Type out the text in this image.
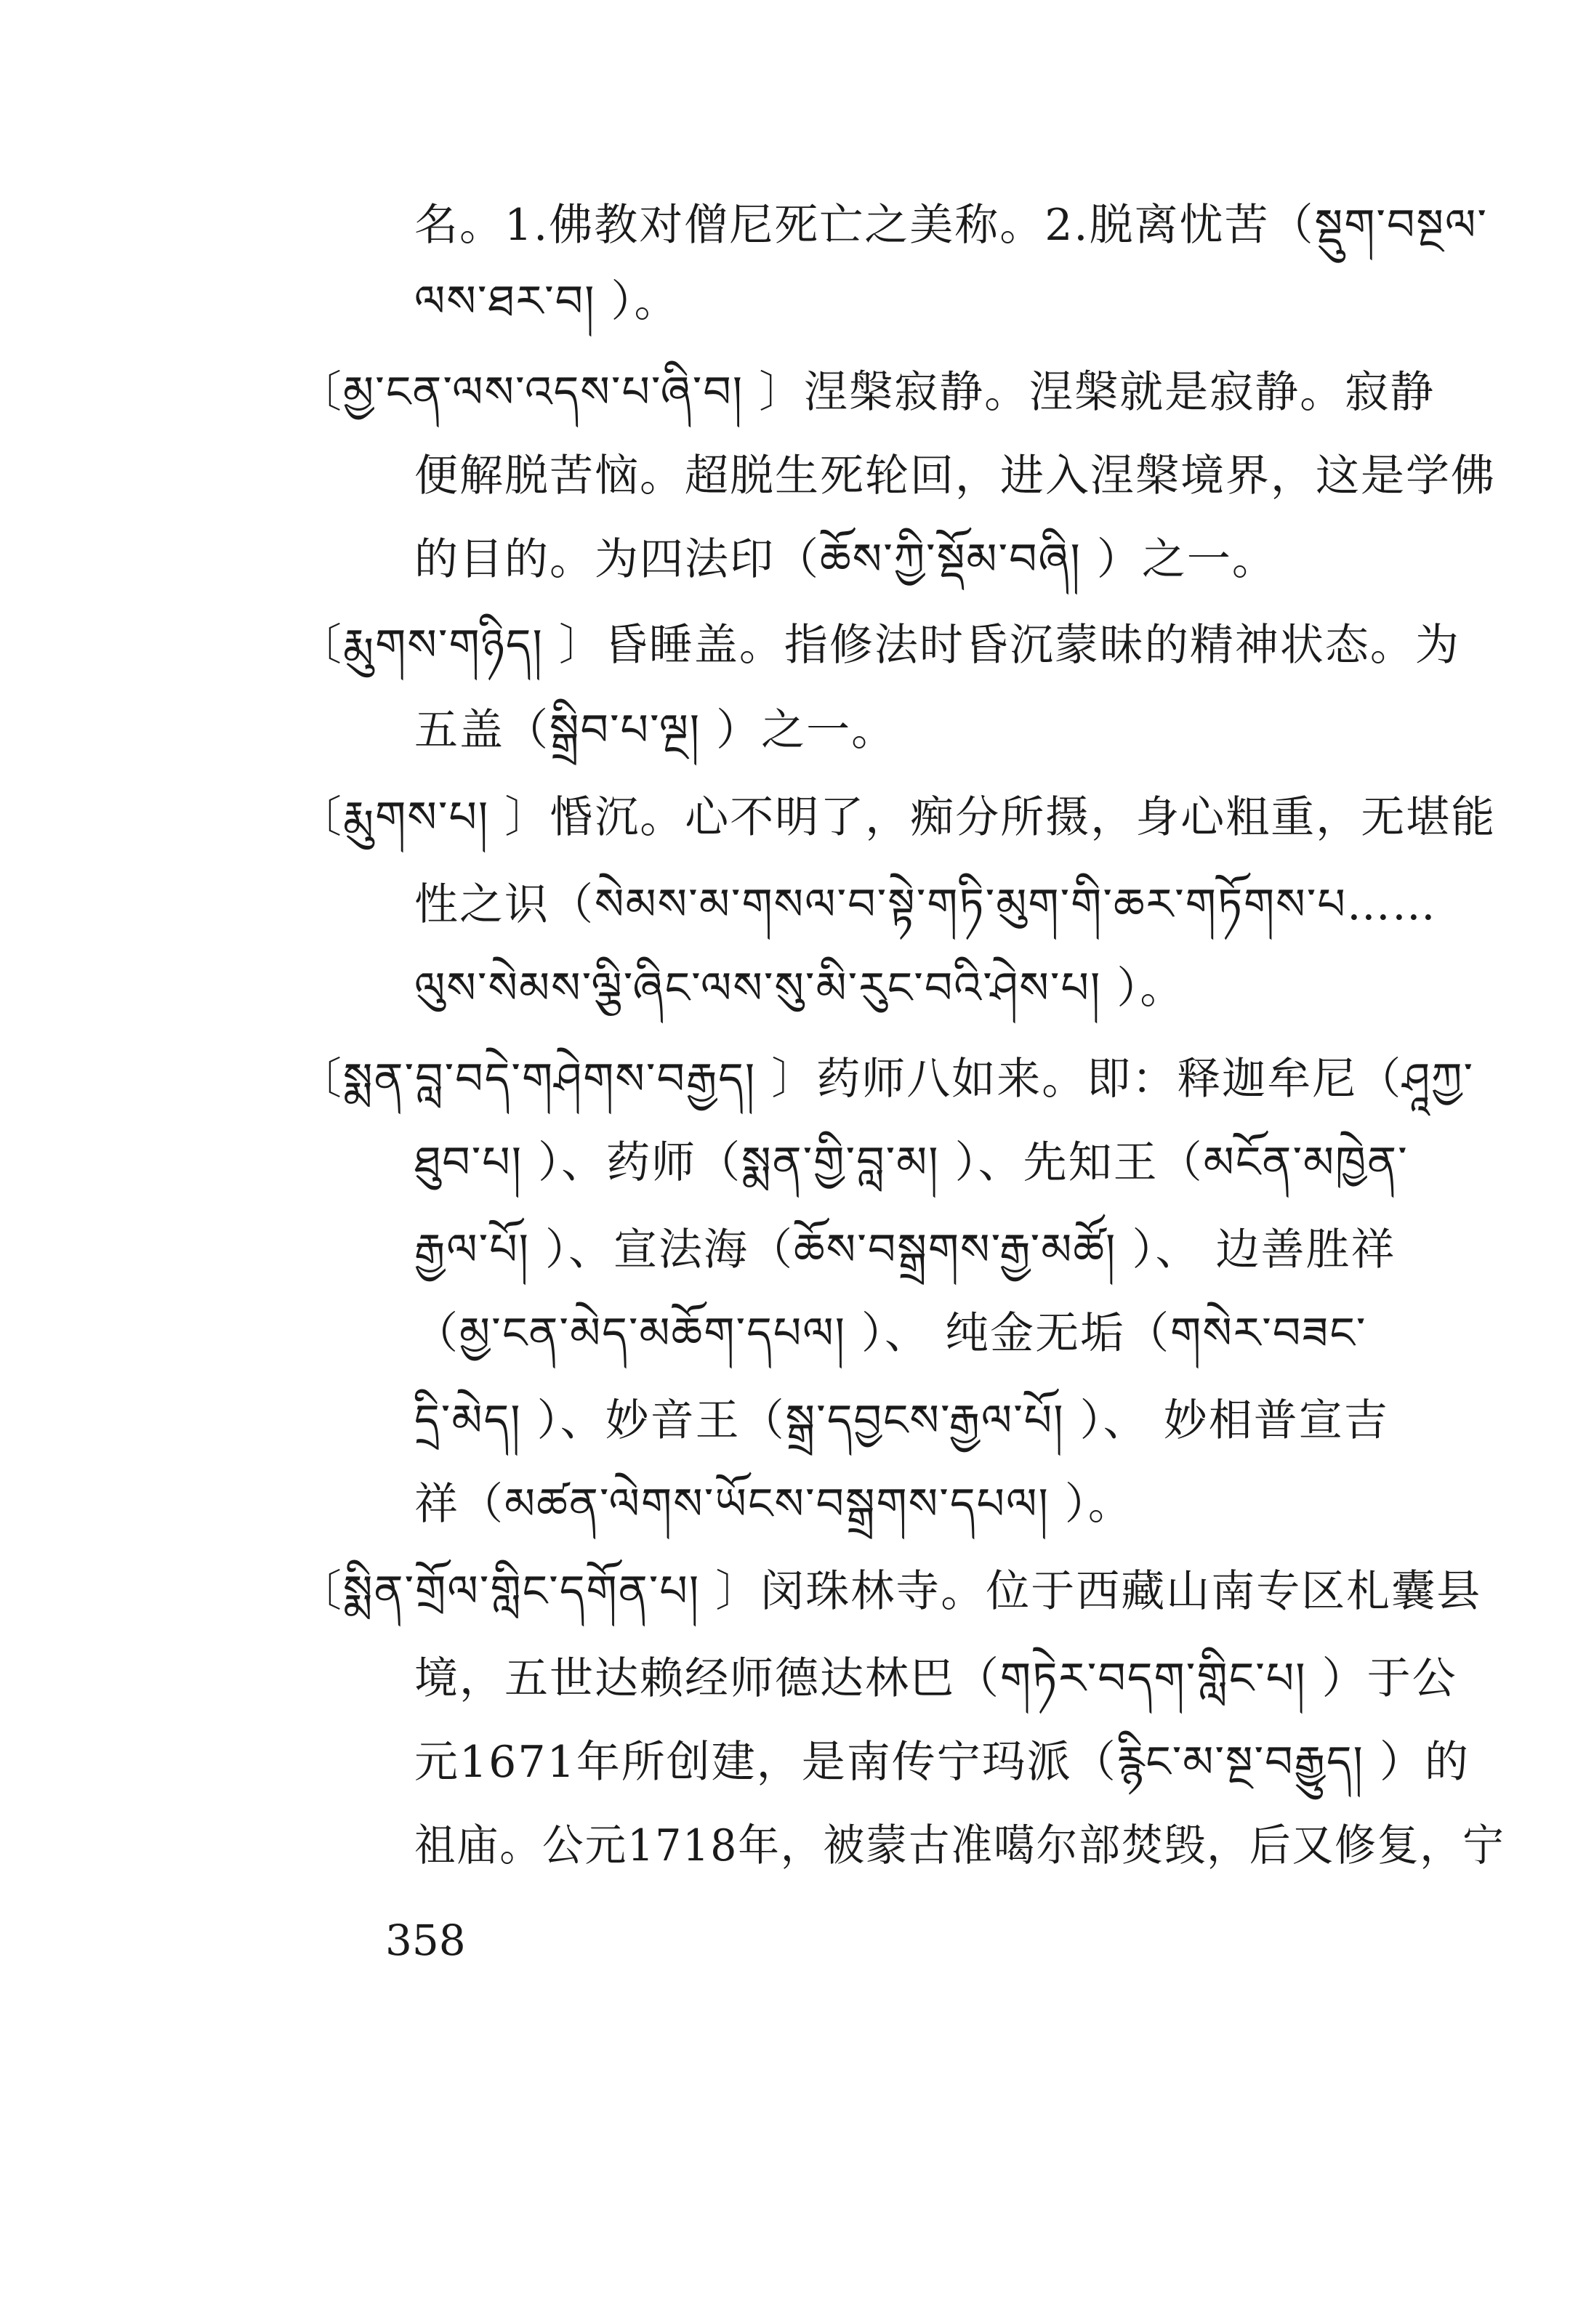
名。1.佛教对僧尼死亡之美称。2.脱离忧苦（སྡུག་བསྔལ་
ལས་ཐར་བ། ）。
〔མྱ་ངན་ལས་འདས་པ་ཞི་བ། 〕涅槃寂静。涅槃就是寂静。寂静
便解脱苦恼。超脱生死轮回，进入涅槃境界，这是学佛
的目的。为四法印（ཆོས་ཀྱི་སྡོམ་བཞི། ）之一。
〔རྨུགས་གཉིད། 〕昏睡盖。指修法时昏沉蒙昧的精神状态。为
五盖（སྒྲིབ་པ་ལྔ། ）之一。
〔རྨུགས་པ། 〕惛沉。心不明了，痴分所摄，身心粗重，无堪能
性之识（སེམས་མ་གསལ་བ་སྟེ་གཏི་མུག་གི་ཆར་གཏོགས་པ……
ལུས་སེམས་ལྕི་ཞིང་ལས་སུ་མི་རུང་བའི་ཤེས་པ། ）。
〔སྨན་བླ་བདེ་གཤེགས་བརྒྱད། 〕药师八如来。即：释迦牟尼（ཤཱཀྱ་
ཐུབ་པ། ）、药师（སྨན་གྱི་བླ་མ། ）、先知王（མངོན་མཁྱེན་
རྒྱལ་པོ། ）、宣法海（ཆོས་བསྒྲགས་རྒྱ་མཚོ། ）、 边善胜祥
（མྱ་ངན་མེད་མཆོག་དཔལ། ）、 纯金无垢（གསེར་བཟང་
དྲི་མེད། ）、妙音王（སྒྲ་དབྱངས་རྒྱལ་པོ། ）、 妙相普宣吉
祥（མཚན་ལེགས་ཡོངས་བསྒྲགས་དཔལ། ）。
〔སྨིན་གྲོལ་གླིང་དགོན་པ། 〕闵珠林寺。位于西藏山南专区札囊县
境，五世达赖经师德达林巴（གཏེར་བདག་གླིང་པ། ）于公
元1671年所创建，是南传宁玛派（རྙིང་མ་སྔ་བརྒྱུད། ）的
祖庙。公元1718年，被蒙古准噶尔部焚毁，后又修复，宁
358
